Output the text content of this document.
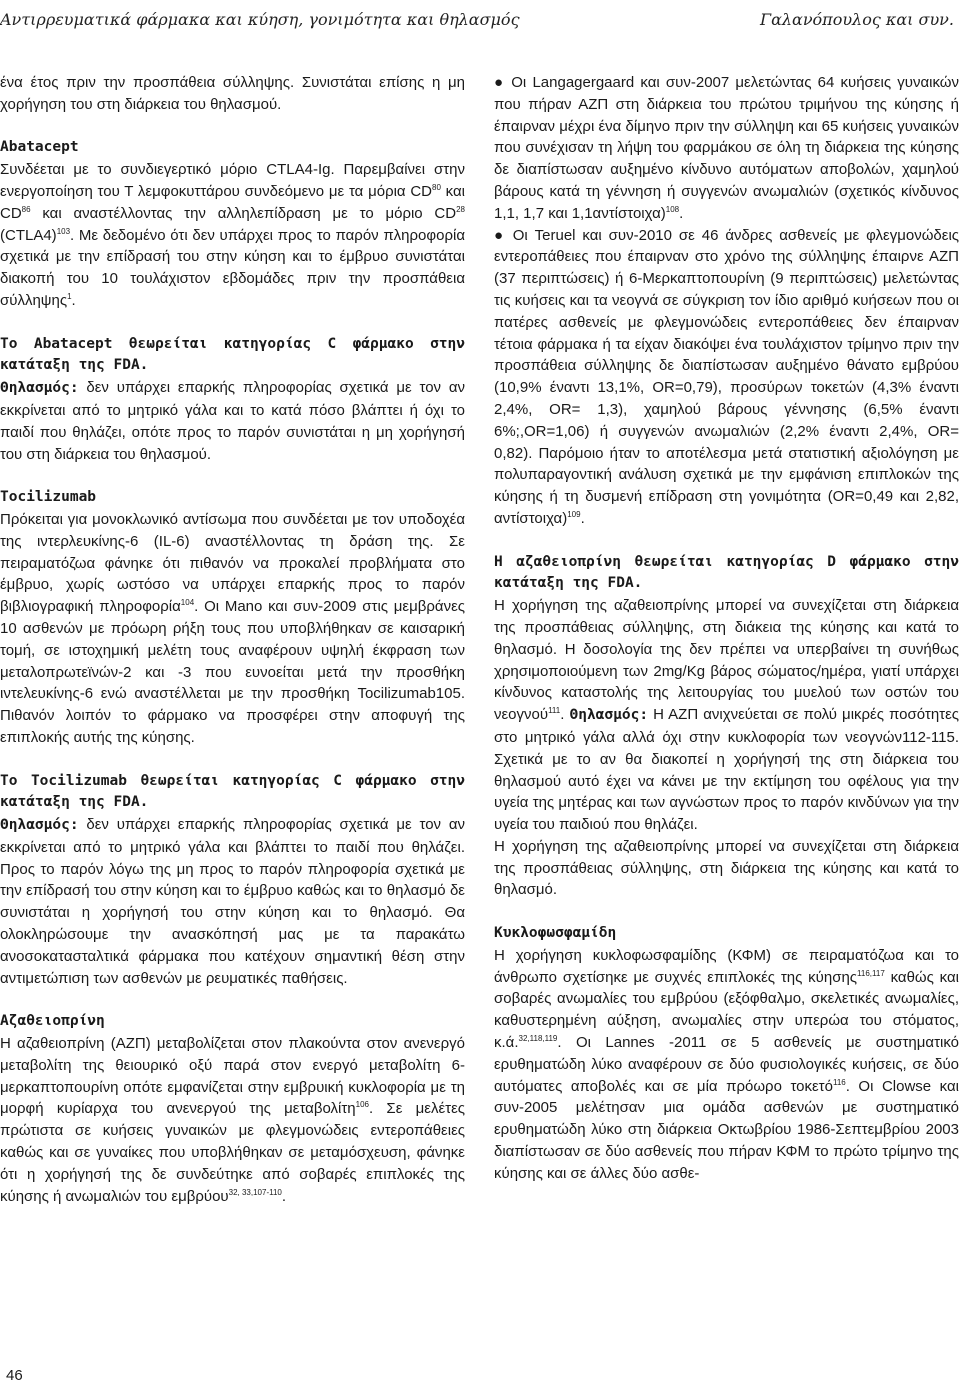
Αντιρρευματικά φάρμακα και κύηση, γονιμότητα και θηλασμός	Γαλανόπουλος και συν.

ένα έτος πριν την προσπάθεια σύλληψης. Συνιστάται επίσης η μη χορήγηση του στη διάρκεια του θηλασμού.

Abatacept

Συνδέεται με το συνδιεγερτικό μόριο CTLA4-Ig. Παρεμβαίνει στην ενεργοποίηση του Τ λεμφοκυττάρου συνδεόμενο με τα μόρια CD$^{80}$ και CD$^{86}$ και αναστέλλοντας την αλληλεπίδραση με το μόριο CD$^{28}$ (CTLA4)$^{103}$. Με δεδομένο ότι δεν υπάρχει προς το παρόν πληροφορία σχετικά με την επίδρασή του στην κύηση και το έμβρυο συνιστάται διακοπή του 10 τουλάχιστον εβδομάδες πριν την προσπάθεια σύλληψης$^1$.

Το Abatacept θεωρείται κατηγορίας C φάρμακο στην κατάταξη της FDA.

Θηλασμός: δεν υπάρχει επαρκής πληροφορίας σχετικά με τον αν εκκρίνεται από το μητρικό γάλα και το κατά πόσο βλάπτει ή όχι το παιδί που θηλάζει, οπότε προς το παρόν συνιστάται η μη χορήγησή του στη διάρκεια του θηλασμού.

Tocilizumab

Πρόκειται για μονοκλωνικό αντίσωμα που συνδέεται με τον υποδοχέα της ιντερλευκίνης-6 (IL-6) αναστέλλοντας τη δράση της. Σε πειραματόζωα φάνηκε ότι πιθανόν να προκαλεί προβλήματα στο έμβρυο, χωρίς ωστόσο να υπάρχει επαρκής προς το παρόν βιβλιογραφική πληροφορία$^{104}$. Οι Mano και συν-2009 στις μεμβράνες 10 ασθενών με πρόωρη ρήξη τους που υποβλήθηκαν σε καισαρική τομή, σε ιστοχημική μελέτη τους αναφέρουν υψηλή έκφραση των μεταλοπρωτεϊνών-2 και -3 που ευνοείται μετά την προσθήκη ιντελευκίνης-6 ενώ αναστέλλεται με την προσθήκη Tocilizumab105. Πιθανόν λοιπόν το φάρμακο να προσφέρει στην αποφυγή της επιπλοκής αυτής της κύησης.

Το Tocilizumab θεωρείται κατηγορίας C φάρμακο στην κατάταξη της FDA.

Θηλασμός: δεν υπάρχει επαρκής πληροφορίας σχετικά με τον αν εκκρίνεται από το μητρικό γάλα και βλάπτει το παιδί που θηλάζει. Προς το παρόν λόγω της μη προς το παρόν πληροφορία σχετικά με την επίδρασή του στην κύηση και το έμβρυο καθώς και το θηλασμό δε συνιστάται η χορήγησή του στην κύηση και το θηλασμό. Θα ολοκληρώσουμε την ανασκόπησή μας με τα παρακάτω ανοσοκατασταλτικά φάρμακα που κατέχουν σημαντική θέση στην αντιμετώπιση των ασθενών με ρευματικές παθήσεις.

Αζαθειοπρίνη

Η αζαθειοπρίνη (ΑΖΠ) μεταβολίζεται στον πλακούντα στον ανενεργό μεταβολίτη της θειουρικό οξύ παρά στον ενεργό μεταβολίτη 6-μερκαπτοπουρίνη οπότε εμφανίζεται στην εμβρυική κυκλοφορία με τη μορφή κυρίαρχα του ανενεργού της μεταβολίτη$^{106}$. Σε μελέτες πρώτιστα σε κυήσεις γυναικών με φλεγμονώδεις εντεροπάθειες καθώς και σε γυναίκες που υποβλήθηκαν σε μεταμόσχευση, φάνηκε ότι η χορήγησή της δε συνδεύτηκε από σοβαρές επιπλοκές της κύησης ή ανωμαλιών του εμβρύου$^{32, 33,107-110}$.

● Οι Langagergaard και συν-2007 μελετώντας 64 κυήσεις γυναικών που πήραν ΑΖΠ στη διάρκεια του πρώτου τριμήνου της κύησης ή έπαιρναν μέχρι ένα δίμηνο πριν την σύλληψη και 65 κυήσεις γυναικών που συνέχισαν τη λήψη του φαρμάκου σε όλη τη διάρκεια της κύησης δε διαπίστωσαν αυξημένο κίνδυνο αυτόματων αποβολών, χαμηλού βάρους κατά τη γέννηση ή συγγενών ανωμαλιών (σχετικός κίνδυνος 1,1, 1,7 και 1,1αντίστοιχα)$^{108}$.

● Οι Teruel και συν-2010 σε 46 άνδρες ασθενείς με φλεγμονώδεις εντεροπάθειες που έπαιρναν στο χρόνο της σύλληψης έπαιρνε ΑΖΠ (37 περιπτώσεις) ή 6-Μερκαπτοπουρίνη (9 περιπτώσεις) μελετώντας τις κυήσεις και τα νεογνά σε σύγκριση τον ίδιο αριθμό κυήσεων που οι πατέρες ασθενείς με φλεγμονώδεις εντεροπάθειες δεν έπαιρναν τέτοια φάρμακα ή τα είχαν διακόψει ένα τουλάχιστον τρίμηνο πριν την προσπάθεια σύλληψης δε διαπίστωσαν αυξημένο θάνατο εμβρύου (10,9% έναντι 13,1%, OR=0,79), προσύρων τοκετών (4,3% έναντι 2,4%, OR= 1,3), χαμηλού βάρους γέννησης (6,5% έναντι 6%;,OR=1,06) ή συγγενών ανωμαλιών (2,2% έναντι 2,4%, OR= 0,82). Παρόμοιο ήταν το αποτέλεσμα μετά στατιστική αξιολόγηση με πολυπαραγοντική ανάλυση σχετικά με την εμφάνιση επιπλοκών της κύησης ή τη δυσμενή επίδραση στη γονιμότητα (OR=0,49 και 2,82, αντίστοιχα)$^{109}$.

Η αζαθειοπρίνη θεωρείται κατηγορίας D φάρμακο στην κατάταξη της FDA.

Η χορήγηση της αζαθειοπρίνης μπορεί να συνεχίζεται στη διάρκεια της προσπάθειας σύλληψης, στη διάκεια της κύησης και κατά το θηλασμό. Η δοσολογία της δεν πρέπει να υπερβαίνει τη συνήθως χρησιμοποιούμενη των 2mg/Kg βάρος σώματος/ημέρα, γιατί υπάρχει κίνδυνος καταστολής της λειτουργίας του μυελού των οστών του νεογνού$^{111}$. Θηλασμός: Η ΑΖΠ ανιχνεύεται σε πολύ μικρές ποσότητες στο μητρικό γάλα αλλά όχι στην κυκλοφορία των νεογνών112-115. Σχετικά με το αν θα διακοπεί η χορήγησή της στη διάρκεια του θηλασμού αυτό έχει να κάνει με την εκτίμηση του οφέλους για την υγεία της μητέρας και των αγνώστων προς το παρόν κινδύνων για την υγεία του παιδιού που θηλάζει.

Η χορήγηση της αζαθειοπρίνης μπορεί να συνεχίζεται στη διάρκεια της προσπάθειας σύλληψης, στη διάρκεια της κύησης και κατά το θηλασμό.

Κυκλοφωσφαμίδη

Η χορήγηση κυκλοφωσφαμίδης (ΚΦΜ) σε πειραματόζωα και το άνθρωπο σχετίσηκε με συχνές επιπλοκές της κύησης$^{116,117}$ καθώς και σοβαρές ανωμαλίες του εμβρύου (εξόφθαλμο, σκελετικές ανωμαλίες, καθυστερημένη αύξηση, ανωμαλίες στην υπερώα του στόματος, κ.ά.$^{32,118,119}$. Οι Lannes -2011 σε 5 ασθενείς με συστηματικό ερυθηματώδη λύκο αναφέρουν σε δύο φυσιολογικές κυήσεις, σε δύο αυτόματες αποβολές και σε μία πρόωρο τοκετό$^{116}$. Οι Clowse και συν-2005 μελέτησαν μια ομάδα ασθενών με συστηματικό ερυθηματώδη λύκο στη διάρκεια Οκτωβρίου 1986-Σεπτεμβρίου 2003 διαπίστωσαν σε δύο ασθενείς που πήραν ΚΦΜ το πρώτο τρίμηνο της κύησης και σε άλλες δύο ασθε-

46
